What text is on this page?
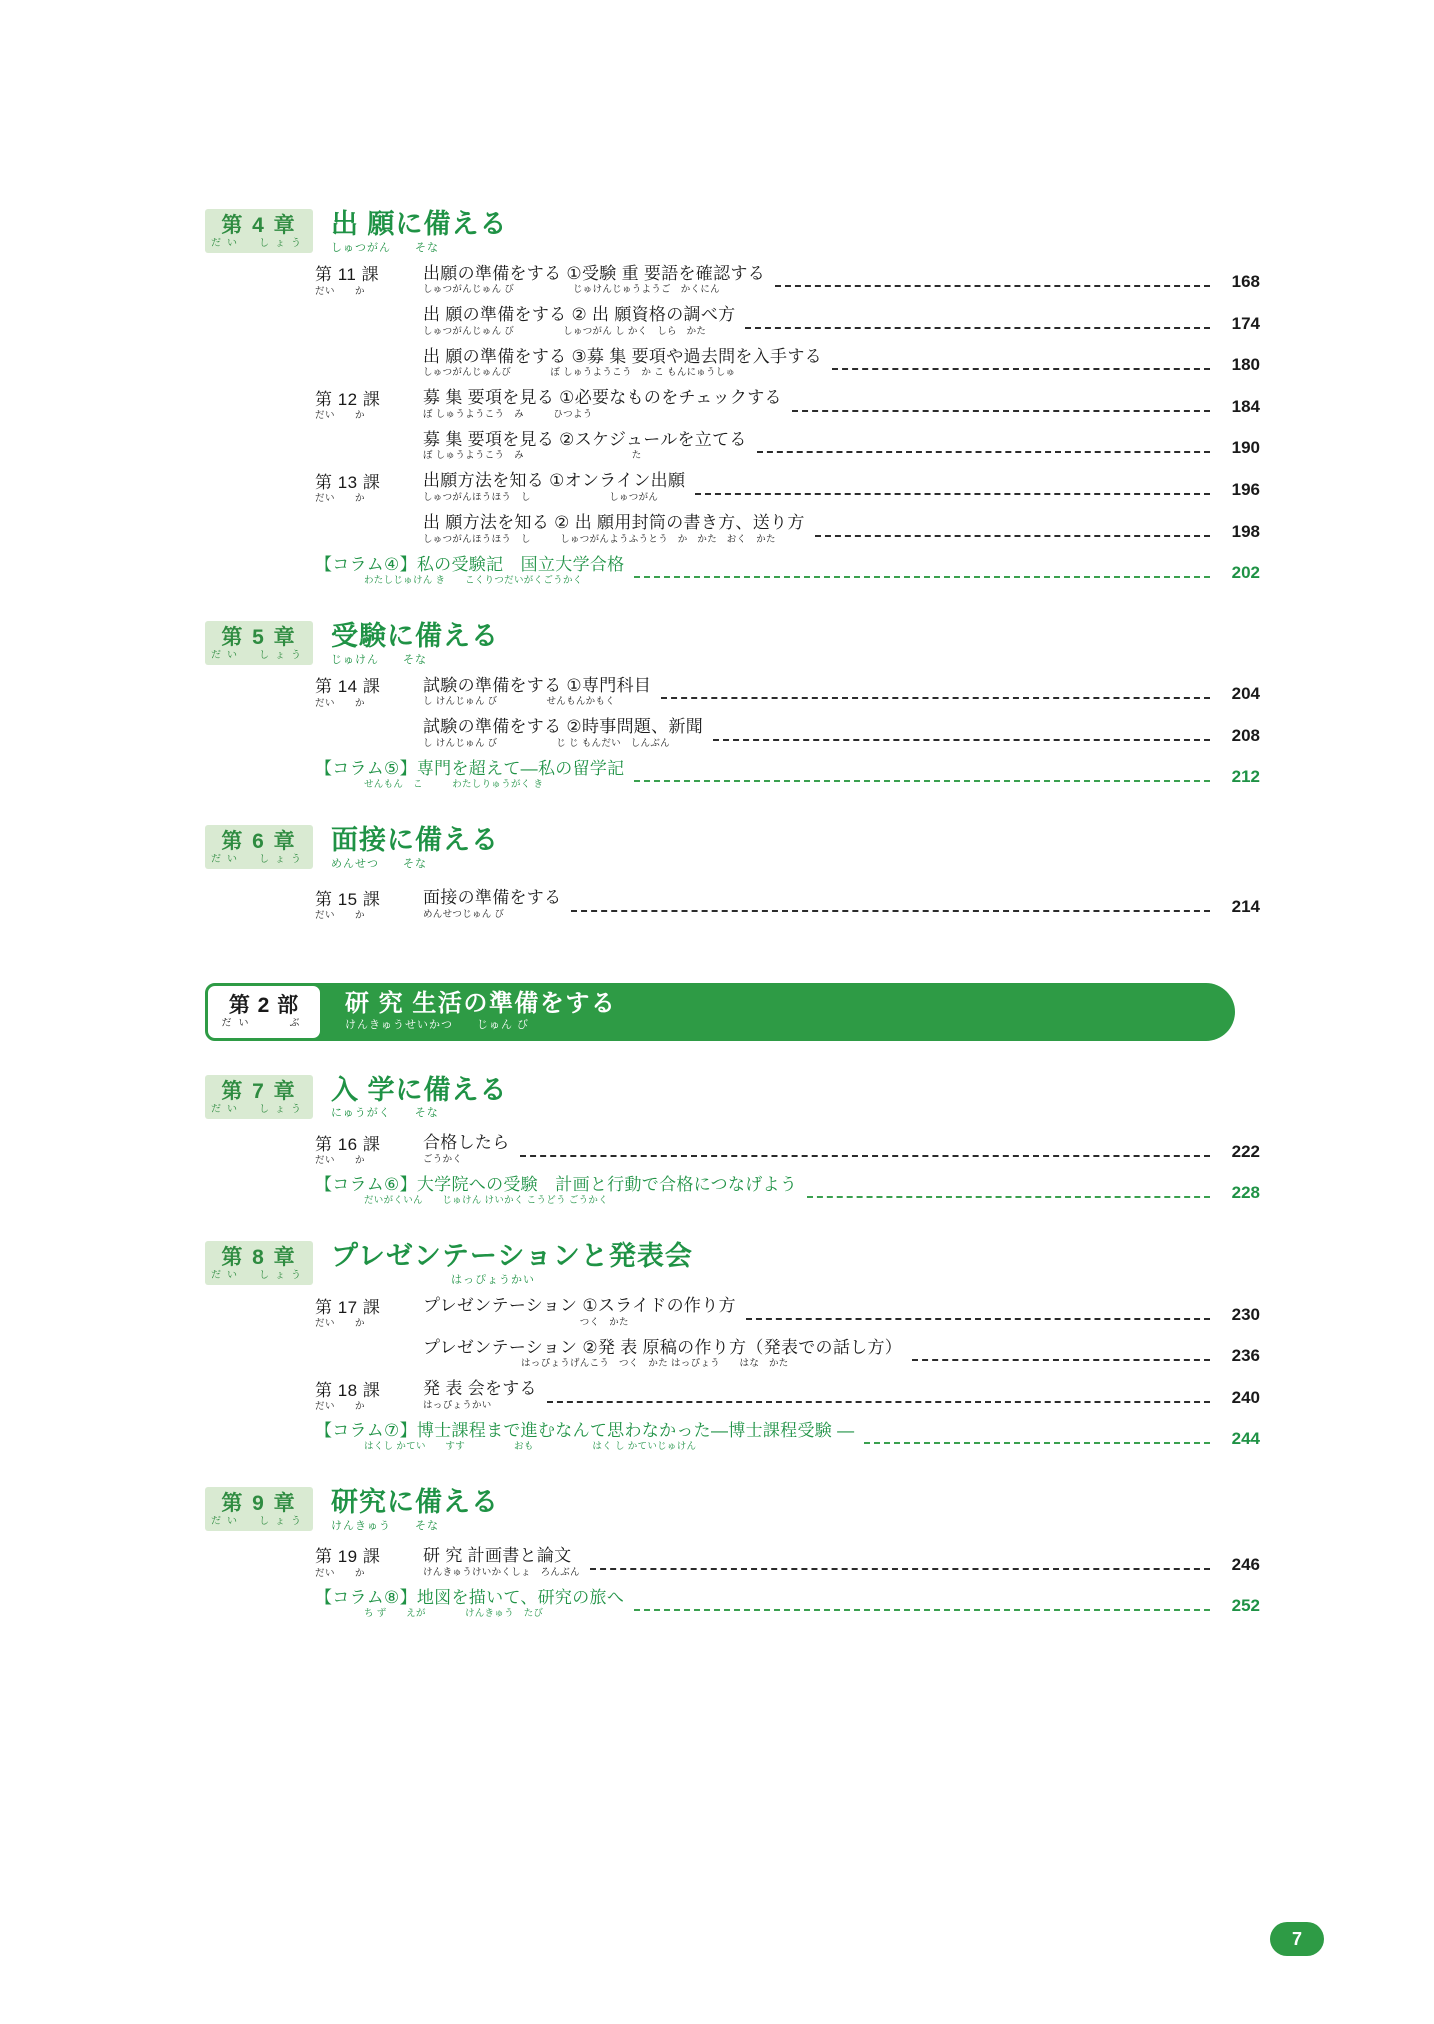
第 4 章
だい　しょう
出 願に備える
しゅつがん　　そな
第 11 課
だい　　か
出願の準備をする ①受験 重 要語を確認する
しゅつがんじゅん び　　　　　　じゅけんじゅうようご　かくにん	168
出 願の準備をする ② 出 願資格の調べ方
しゅつがんじゅん び　　　　　しゅつがん し かく　しら　かた	174
出 願の準備をする ③募 集 要項や過去問を入手する
しゅつがんじゅんび　　　　ぼ しゅうようこう　か こ もんにゅうしゅ	180
第 12 課
だい　　か
募 集 要項を見る ①必要なものをチェックする
ぼ しゅうようこう　み　　　ひつよう	184
募 集 要項を見る ②スケジュールを立てる
ぼ しゅうようこう　み　　　　　　　　　　　た	190
第 13 課
だい　　か
出願方法を知る ①オンライン出願
しゅつがんほうほう　し　　　　　　　　しゅつがん	196
出 願方法を知る ② 出 願用封筒の書き方、送り方
しゅつがんほうほう　し　　　しゅつがんようふうとう　か　かた　おく　かた	198
【コラム④】私の受験記　国立大学合格
　　　　　わたしじゅけん き　　こくりつだいがくごうかく	202
第 5 章
だい　しょう
受験に備える
じゅけん　　そな
第 14 課
だい　　か
試験の準備をする ①専門科目
し けんじゅん び　　　　　せんもんかもく	204
試験の準備をする ②時事問題、新聞
し けんじゅん び　　　　　　じ じ もんだい　しんぶん	208
【コラム⑤】専門を超えて―私の留学記
　　　　　せんもん　こ　　　わたしりゅうがく き	212
第 6 章
だい　しょう
面接に備える
めんせつ　　そな
第 15 課
だい　　か
面接の準備をする
めんせつじゅん び	214
研 究 生活の準備をする
けんきゅうせいかつ　　じゅん び
第 2 部
だい　　ぶ
第 7 章
だい　しょう
入 学に備える
にゅうがく　　そな
第 16 課
だい　　か
合格したら
ごうかく	222
【コラム⑥】大学院への受験　計画と行動で合格につなげよう
　　　　　だいがくいん　　じゅけん けいかく こうどう ごうかく	228
第 8 章
だい　しょう
プレゼンテーションと発表会
　　　　　　　　　　はっぴょうかい
第 17 課
だい　　か
プレゼンテーション ①スライドの作り方
　　　　　　　　　　　　　　　　つく　かた	230
プレゼンテーション ②発 表 原稿の作り方（発表での話し方）
　　　　　　　　　　はっぴょうげんこう　つく　かた はっぴょう　　はな　かた	236
第 18 課
だい　　か
発 表 会をする
はっぴょうかい	240
【コラム⑦】博士課程まで進むなんて思わなかった―博士課程受験 ―
　　　　　はくし かてい　　すす　　　　　おも　　　　　　はく し かていじゅけん	244
第 9 章
だい　しょう
研究に備える
けんきゅう　　そな
第 19 課
だい　　か
研 究 計画書と論文
けんきゅうけいかくしょ　ろんぶん	246
【コラム⑧】地図を描いて、研究の旅へ
　　　　　ち ず　　えが　　　　けんきゅう　たび	252
7
